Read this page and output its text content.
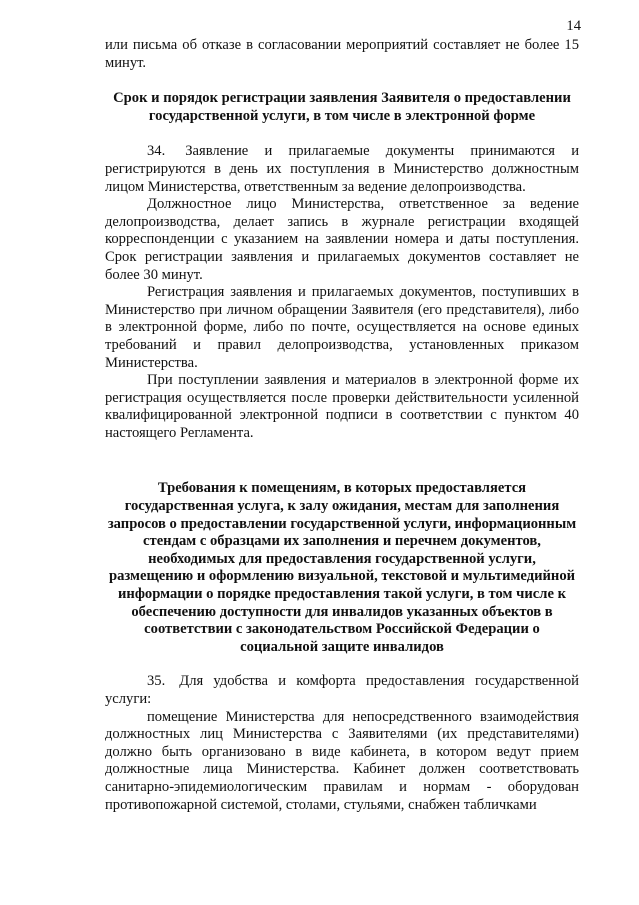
14

или письма об отказе в согласовании мероприятий составляет не более 15 минут.

Срок и порядок регистрации заявления Заявителя о предоставлении государственной услуги, в том числе в электронной форме

34. Заявление и прилагаемые документы принимаются и регистрируются в день их поступления в Министерство должностным лицом Министерства, ответственным за ведение делопроизводства.

Должностное лицо Министерства, ответственное за ведение делопроизводства, делает запись в журнале регистрации входящей корреспонденции с указанием на заявлении номера и даты поступления. Срок регистрации заявления и прилагаемых документов составляет не более 30 минут.

Регистрация заявления и прилагаемых документов, поступивших в Министерство при личном обращении Заявителя (его представителя), либо в электронной форме, либо по почте, осуществляется на основе единых требований и правил делопроизводства, установленных приказом Министерства.

При поступлении заявления и материалов в электронной форме их регистрация осуществляется после проверки действительности усиленной квалифицированной электронной подписи в соответствии с пунктом 40 настоящего Регламента.

Требования к помещениям, в которых предоставляется государственная услуга, к залу ожидания, местам для заполнения запросов о предоставлении государственной услуги, информационным стендам с образцами их заполнения и перечнем документов, необходимых для предоставления государственной услуги, размещению и оформлению визуальной, текстовой и мультимедийной информации о порядке предоставления такой услуги, в том числе к обеспечению доступности для инвалидов указанных объектов в соответствии с законодательством Российской Федерации о социальной защите инвалидов

35. Для удобства и комфорта предоставления государственной услуги:

помещение Министерства для непосредственного взаимодействия должностных лиц Министерства с Заявителями (их представителями) должно быть организовано в виде кабинета, в котором ведут прием должностные лица Министерства. Кабинет должен соответствовать санитарно-эпидемиологическим правилам и нормам - оборудован противопожарной системой, столами, стульями, снабжен табличками
